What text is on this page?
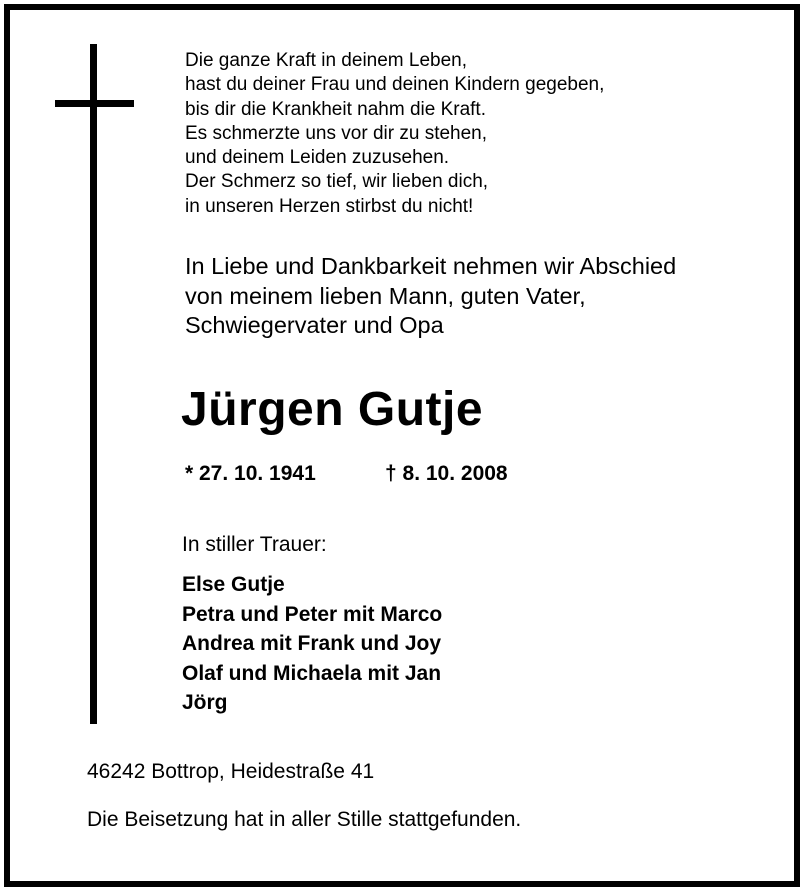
Die ganze Kraft in deinem Leben,
hast du deiner Frau und deinen Kindern gegeben,
bis dir die Krankheit nahm die Kraft.
Es schmerzte uns vor dir zu stehen,
und deinem Leiden zuzusehen.
Der Schmerz so tief, wir lieben dich,
in unseren Herzen stirbst du nicht!
In Liebe und Dankbarkeit nehmen wir Abschied
von meinem lieben Mann, guten Vater,
Schwiegervater und Opa
Jürgen Gutje
* 27. 10. 1941	† 8. 10. 2008
In stiller Trauer:
Else Gutje
Petra und Peter mit Marco
Andrea mit Frank und Joy
Olaf und Michaela mit Jan
Jörg
46242 Bottrop, Heidestraße 41
Die Beisetzung hat in aller Stille stattgefunden.
